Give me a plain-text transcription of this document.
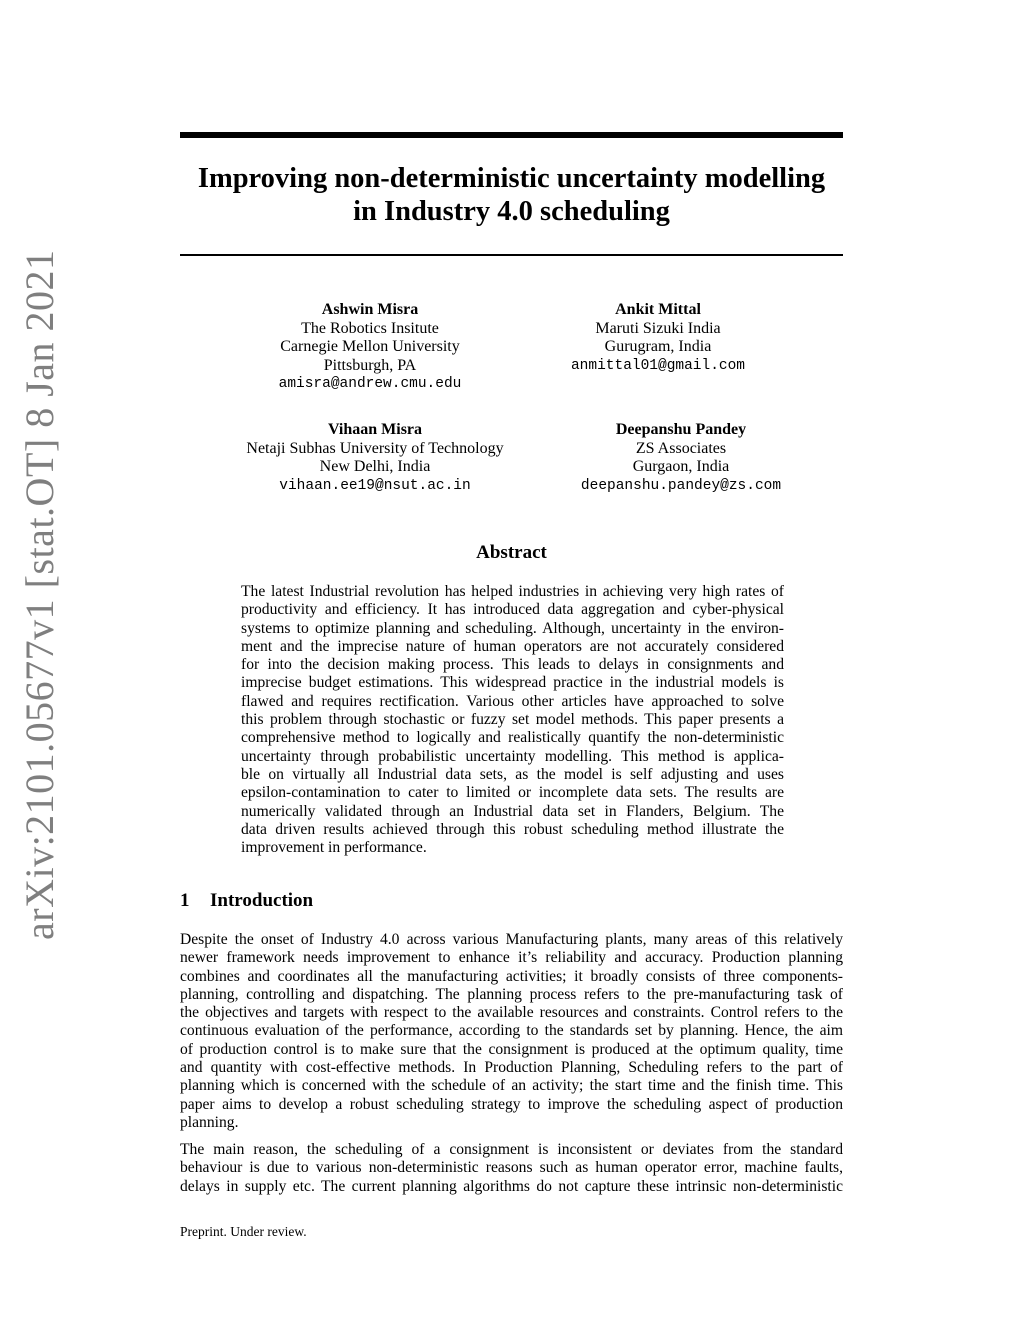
arXiv:2101.05677v1 [stat.OT] 8 Jan 2021
Improving non-deterministic uncertainty modelling
in Industry 4.0 scheduling
Ashwin Misra
The Robotics Insitute
Carnegie Mellon University
Pittsburgh, PA
amisra@andrew.cmu.edu
Ankit Mittal
Maruti Sizuki India
Gurugram, India
anmittal01@gmail.com
Vihaan Misra
Netaji Subhas University of Technology
New Delhi, India
vihaan.ee19@nsut.ac.in
Deepanshu Pandey
ZS Associates
Gurgaon, India
deepanshu.pandey@zs.com
Abstract
The latest Industrial revolution has helped industries in achieving very high rates of
productivity and efficiency. It has introduced data aggregation and cyber-physical
systems to optimize planning and scheduling. Although, uncertainty in the environ-
ment and the imprecise nature of human operators are not accurately considered
for into the decision making process. This leads to delays in consignments and
imprecise budget estimations. This widespread practice in the industrial models is
flawed and requires rectification. Various other articles have approached to solve
this problem through stochastic or fuzzy set model methods. This paper presents a
comprehensive method to logically and realistically quantify the non-deterministic
uncertainty through probabilistic uncertainty modelling. This method is applica-
ble on virtually all Industrial data sets, as the model is self adjusting and uses
epsilon-contamination to cater to limited or incomplete data sets. The results are
numerically validated through an Industrial data set in Flanders, Belgium. The
data driven results achieved through this robust scheduling method illustrate the
improvement in performance.
1 Introduction
Despite the onset of Industry 4.0 across various Manufacturing plants, many areas of this relatively
newer framework needs improvement to enhance it’s reliability and accuracy. Production planning
combines and coordinates all the manufacturing activities; it broadly consists of three components-
planning, controlling and dispatching. The planning process refers to the pre-manufacturing task of
the objectives and targets with respect to the available resources and constraints. Control refers to the
continuous evaluation of the performance, according to the standards set by planning. Hence, the aim
of production control is to make sure that the consignment is produced at the optimum quality, time
and quantity with cost-effective methods. In Production Planning, Scheduling refers to the part of
planning which is concerned with the schedule of an activity; the start time and the finish time. This
paper aims to develop a robust scheduling strategy to improve the scheduling aspect of production
planning.
The main reason, the scheduling of a consignment is inconsistent or deviates from the standard
behaviour is due to various non-deterministic reasons such as human operator error, machine faults,
delays in supply etc. The current planning algorithms do not capture these intrinsic non-deterministic
Preprint. Under review.
